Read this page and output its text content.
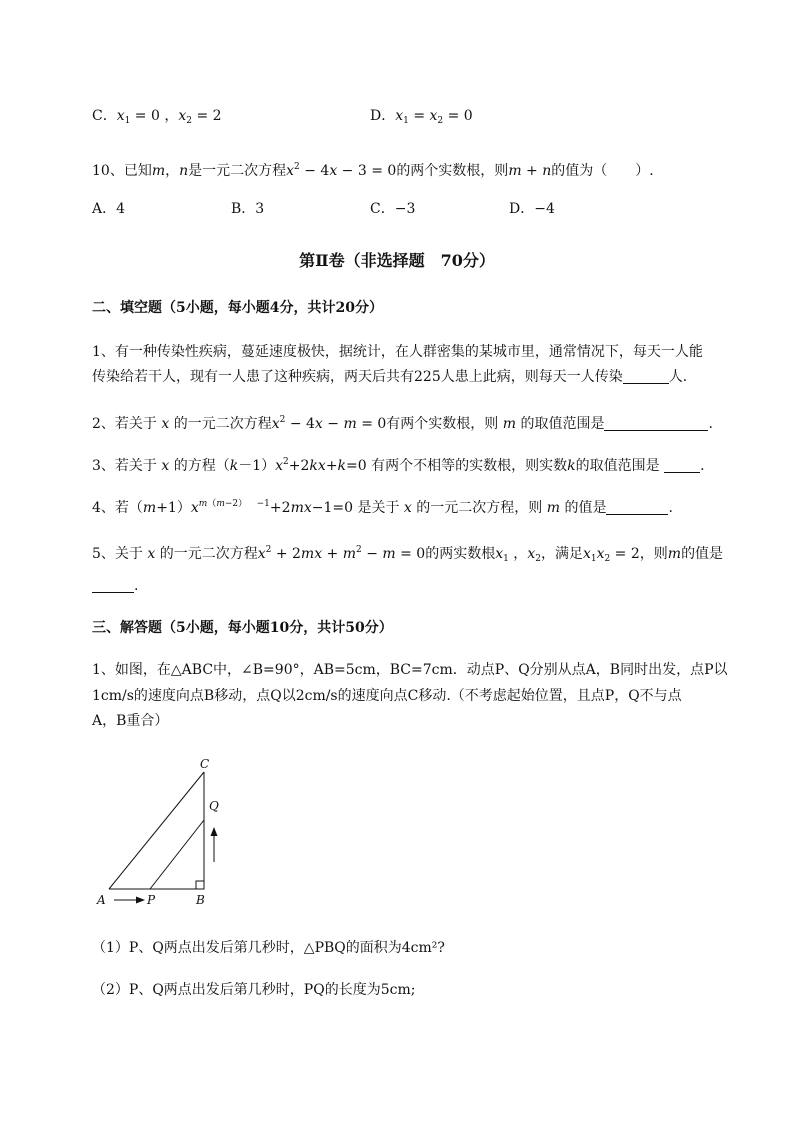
C．$x_1 = 0$ ，$x_2 = 2$	D．$x_1 = x_2 = 0$
10、已知m，n是一元二次方程$x^2 - 4x - 3 = 0$的两个实数根，则m + n的值为（　　）.
A．4	B．3	C．−3	D．−4
第Ⅱ卷（非选择题　70分）
二、填空题（5小题，每小题4分，共计20分）
1、有一种传染性疾病，蔓延速度极快，据统计，在人群密集的某城市里，通常情况下，每天一人能
传染给若干人，现有一人患了这种疾病，两天后共有225人患上此病，则每天一人传染	人．
2、若关于 x 的一元二次方程$x^2 - 4x - m = 0$有两个实数根，则 m 的取值范围是	.
3、若关于 x 的方程$(k-1)x^2+2kx+k=0$ 有两个不相等的实数根，则实数k的取值范围是	.
4、若$(m+1)x^{m(m-2)}$　 $^{-1}$+2mx−1=0 是关于 x 的一元二次方程，则 m 的值是	.
5、关于 x 的一元二次方程$x^2 + 2mx + m^2 - m = 0$的两实数根$x_1$ ，$x_2$，满足$x_1x_2 = 2$，则m的值是
.
三、解答题（5小题，每小题10分，共计50分）
1、如图，在△ABC中，∠B=90°，AB=5cm，BC=7cm．动点P、Q分别从点A，B同时出发，点P以
1cm/s的速度向点B移动，点Q以2cm/s的速度向点C移动.（不考虑起始位置，且点P，Q不与点
A，B重合）
C
Q
A	P	B
（1）P、Q两点出发后第几秒时，△PBQ的面积为4cm²?
（2）P、Q两点出发后第几秒时，PQ的长度为5cm;
